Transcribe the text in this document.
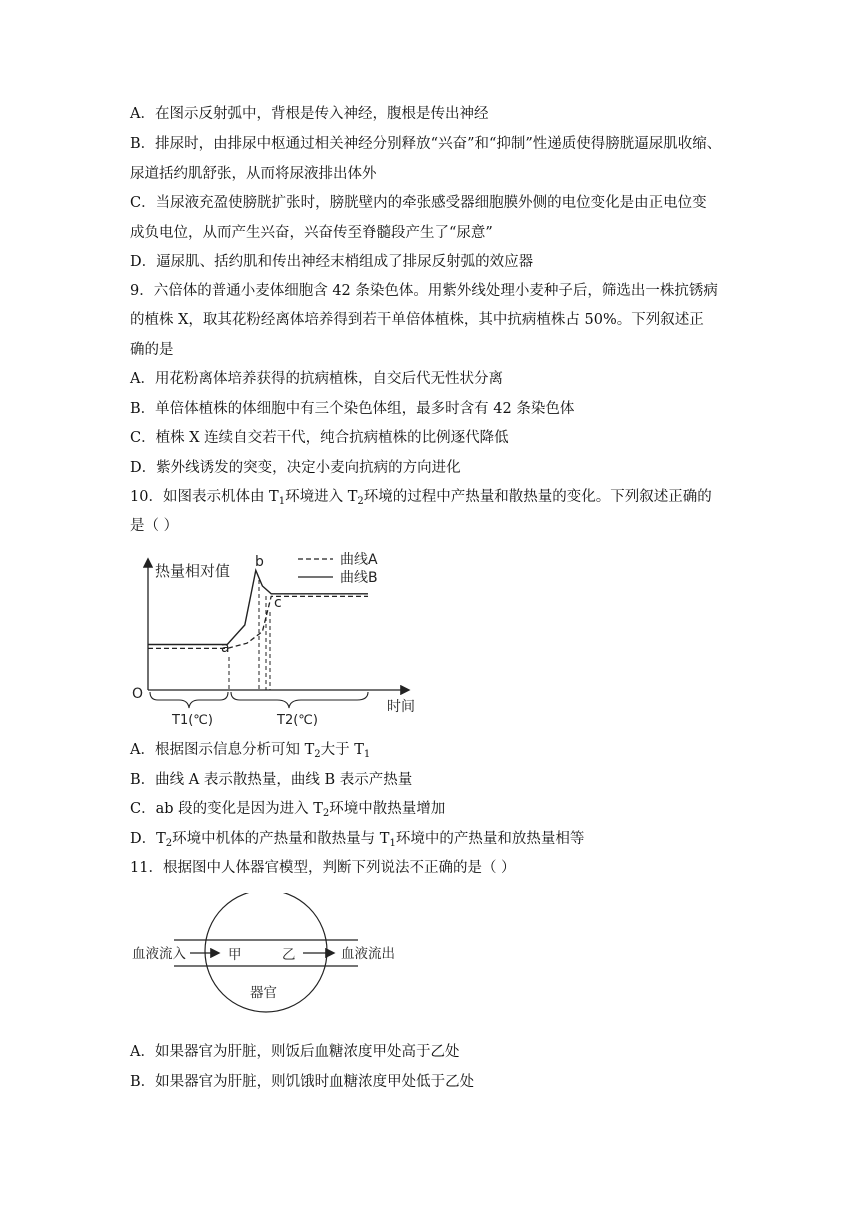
A．在图示反射弧中，背根是传入神经，腹根是传出神经
B．排尿时，由排尿中枢通过相关神经分别释放“兴奋”和“抑制”性递质使得膀胱逼尿肌收缩、
尿道括约肌舒张，从而将尿液排出体外
C．当尿液充盈使膀胱扩张时，膀胱壁内的牵张感受器细胞膜外侧的电位变化是由正电位变
成负电位，从而产生兴奋，兴奋传至脊髓段产生了“尿意”
D．逼尿肌、括约肌和传出神经末梢组成了排尿反射弧的效应器
9．六倍体的普通小麦体细胞含 42 条染色体。用紫外线处理小麦种子后，筛选出一株抗锈病
的植株 X，取其花粉经离体培养得到若干单倍体植株，其中抗病植株占 50%。下列叙述正
确的是
A．用花粉离体培养获得的抗病植株，自交后代无性状分离
B．单倍体植株的体细胞中有三个染色体组，最多时含有 42 条染色体
C．植株 X 连续自交若干代，纯合抗病植株的比例逐代降低
D．紫外线诱发的突变，决定小麦向抗病的方向进化
10．如图表示机体由 $T_1$环境进入 $T_2$环境的过程中产热量和散热量的变化。下列叙述正确的
是（ ）
热量相对值
O
时间
曲线A
曲线B
a
b
c
T1(℃)	T2(℃)
A．根据图示信息分析可知 $T_2$大于 $T_1$
B．曲线 A 表示散热量，曲线 B 表示产热量
C．ab 段的变化是因为进入 $T_2$环境中散热量增加
D．$T_2$环境中机体的产热量和散热量与 $T_1$环境中的产热量和放热量相等
11．根据图中人体器官模型，判断下列说法不正确的是（ ）
血液流入	甲	乙	血液流出
器官
A．如果器官为肝脏，则饭后血糖浓度甲处高于乙处
B．如果器官为肝脏，则饥饿时血糖浓度甲处低于乙处
